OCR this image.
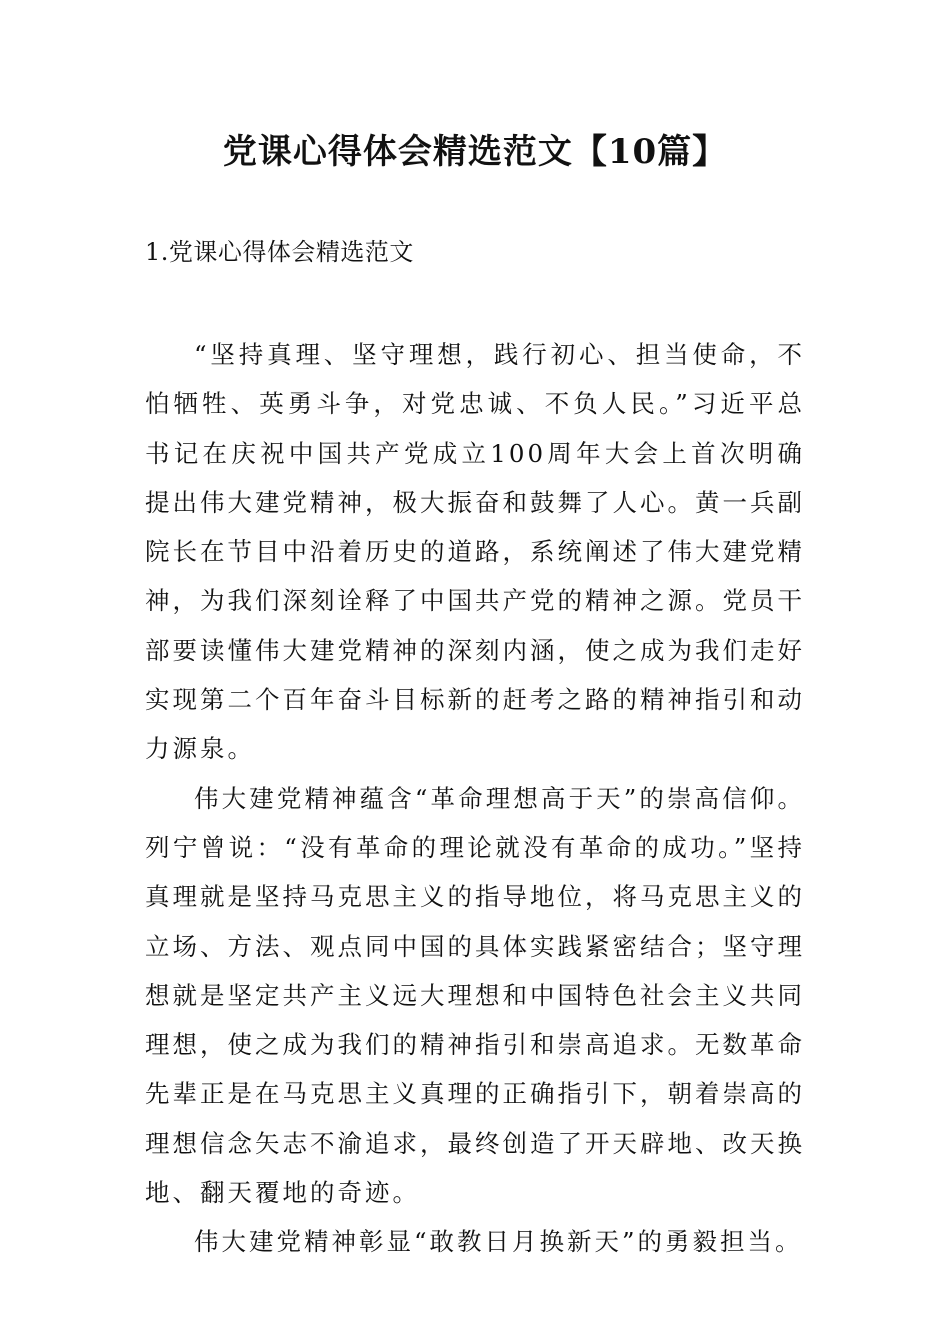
党课心得体会精选范文【10篇】
1.党课心得体会精选范文

“坚持真理、坚守理想，践行初心、担当使命，不怕牺牲、英勇斗争，对党忠诚、不负人民。”习近平总书记在庆祝中国共产党成立100周年大会上首次明确提出伟大建党精神，极大振奋和鼓舞了人心。黄一兵副院长在节目中沿着历史的道路，系统阐述了伟大建党精神，为我们深刻诠释了中国共产党的精神之源。党员干部要读懂伟大建党精神的深刻内涵，使之成为我们走好实现第二个百年奋斗目标新的赶考之路的精神指引和动力源泉。

伟大建党精神蕴含“革命理想高于天”的崇高信仰。列宁曾说：“没有革命的理论就没有革命的成功。”坚持真理就是坚持马克思主义的指导地位，将马克思主义的立场、方法、观点同中国的具体实践紧密结合；坚守理想就是坚定共产主义远大理想和中国特色社会主义共同理想，使之成为我们的精神指引和崇高追求。无数革命先辈正是在马克思主义真理的正确指引下，朝着崇高的理想信念矢志不渝追求，最终创造了开天辟地、改天换地、翻天覆地的奇迹。

伟大建党精神彰显“敢教日月换新天”的勇毅担当。
